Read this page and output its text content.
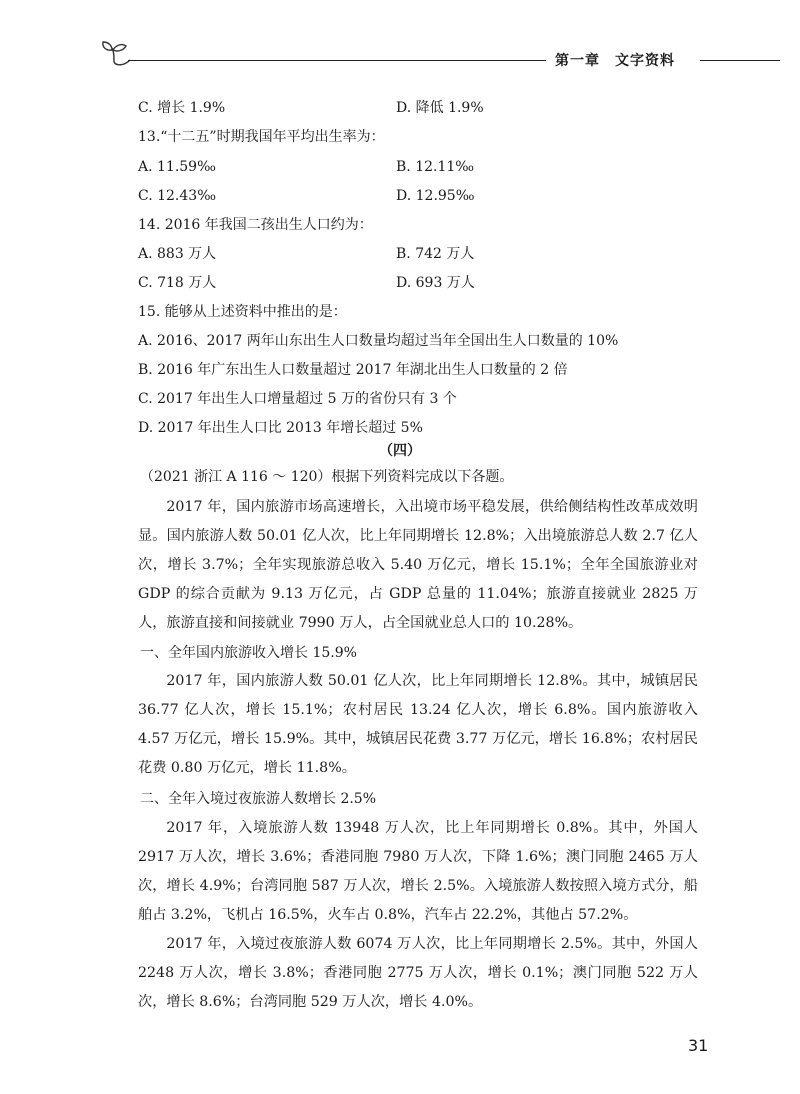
第一章　文字资料
C. 增长 1.9%	D. 降低 1.9%
13.“十二五”时期我国年平均出生率为：
A. 11.59‰	B. 12.11‰
C. 12.43‰	D. 12.95‰
14. 2016 年我国二孩出生人口约为：
A. 883 万人	B. 742 万人
C. 718 万人	D. 693 万人
15. 能够从上述资料中推出的是：
A. 2016、2017 两年山东出生人口数量均超过当年全国出生人口数量的 10%
B. 2016 年广东出生人口数量超过 2017 年湖北出生人口数量的 2 倍
C. 2017 年出生人口增量超过 5 万的省份只有 3 个
D. 2017 年出生人口比 2013 年增长超过 5%
（四）
（2021 浙江 A 116 ～ 120）根据下列资料完成以下各题。
2017 年，国内旅游市场高速增长，入出境市场平稳发展，供给侧结构性改革成效明显。国内旅游人数 50.01 亿人次，比上年同期增长 12.8%；入出境旅游总人数 2.7 亿人次，增长 3.7%；全年实现旅游总收入 5.40 万亿元，增长 15.1%；全年全国旅游业对 GDP 的综合贡献为 9.13 万亿元，占 GDP 总量的 11.04%；旅游直接就业 2825 万人，旅游直接和间接就业 7990 万人，占全国就业总人口的 10.28%。
一、全年国内旅游收入增长 15.9%
2017 年，国内旅游人数 50.01 亿人次，比上年同期增长 12.8%。其中，城镇居民 36.77 亿人次，增长 15.1%；农村居民 13.24 亿人次，增长 6.8%。国内旅游收入 4.57 万亿元，增长 15.9%。其中，城镇居民花费 3.77 万亿元，增长 16.8%；农村居民花费 0.80 万亿元，增长 11.8%。
二、全年入境过夜旅游人数增长 2.5%
2017 年，入境旅游人数 13948 万人次，比上年同期增长 0.8%。其中，外国人 2917 万人次，增长 3.6%；香港同胞 7980 万人次，下降 1.6%；澳门同胞 2465 万人次，增长 4.9%；台湾同胞 587 万人次，增长 2.5%。入境旅游人数按照入境方式分，船舶占 3.2%，飞机占 16.5%，火车占 0.8%，汽车占 22.2%，其他占 57.2%。
2017 年，入境过夜旅游人数 6074 万人次，比上年同期增长 2.5%。其中，外国人 2248 万人次，增长 3.8%；香港同胞 2775 万人次，增长 0.1%；澳门同胞 522 万人次，增长 8.6%；台湾同胞 529 万人次，增长 4.0%。
31
